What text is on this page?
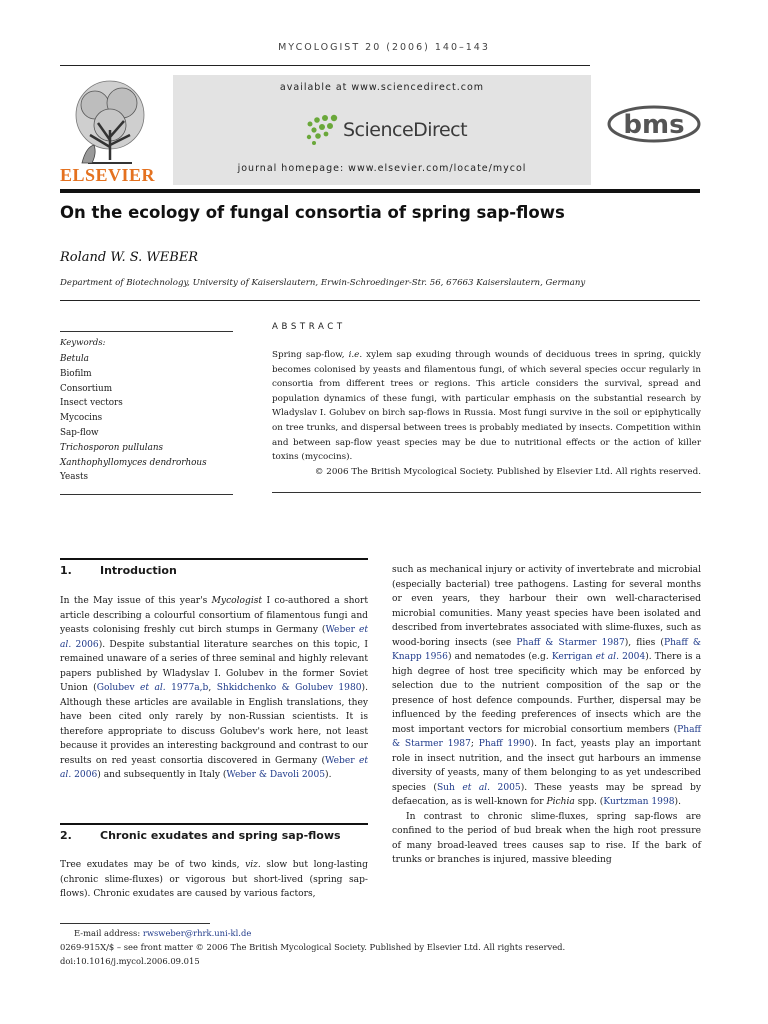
MYCOLOGIST 20 (2006) 140–143
ELSEVIER
available at www.sciencedirect.com
ScienceDirect
journal homepage: www.elsevier.com/locate/mycol
bms
On the ecology of fungal consortia of spring sap-flows
Roland W. S. WEBER
Department of Biotechnology, University of Kaiserslautern, Erwin-Schroedinger-Str. 56, 67663 Kaiserslautern, Germany
Keywords:
Betula
Biofilm
Consortium
Insect vectors
Mycocins
Sap-flow
Trichosporon pullulans
Xanthophyllomyces dendrorhous
Yeasts
ABSTRACT

Spring sap-flow, i.e. xylem sap exuding through wounds of deciduous trees in spring, quickly becomes colonised by yeasts and filamentous fungi, of which several species occur regularly in consortia from different trees or regions. This article considers the survival, spread and population dynamics of these fungi, with particular emphasis on the substantial research by Wladyslav I. Golubev on birch sap-flows in Russia. Most fungi survive in the soil or epiphytically on tree trunks, and dispersal between trees is probably mediated by insects. Competition within and between sap-flow yeast species may be due to nutritional effects or the action of killer toxins (mycocins).
© 2006 The British Mycological Society. Published by Elsevier Ltd. All rights reserved.

1.	Introduction

In the May issue of this year's Mycologist I co-authored a short article describing a colourful consortium of filamentous fungi and yeasts colonising freshly cut birch stumps in Germany (Weber et al. 2006). Despite substantial literature searches on this topic, I remained unaware of a series of three seminal and highly relevant papers published by Wladyslav I. Golubev in the former Soviet Union (Golubev et al. 1977a,b, Shkidchenko & Golubev 1980). Although these articles are available in English translations, they have been cited only rarely by non-Russian scientists. It is therefore appropriate to discuss Golubev's work here, not least because it provides an interesting background and contrast to our results on red yeast consortia discovered in Germany (Weber et al. 2006) and subsequently in Italy (Weber & Davoli 2005).

2.	Chronic exudates and spring sap-flows

Tree exudates may be of two kinds, viz. slow but long-lasting (chronic slime-fluxes) or vigorous but short-lived (spring sap-flows). Chronic exudates are caused by various factors,

such as mechanical injury or activity of invertebrate and microbial (especially bacterial) tree pathogens. Lasting for several months or even years, they harbour their own well-characterised microbial comunities. Many yeast species have been isolated and described from invertebrates associated with slime-fluxes, such as wood-boring insects (see Phaff & Starmer 1987), flies (Phaff & Knapp 1956) and nematodes (e.g. Kerrigan et al. 2004). There is a high degree of host tree specificity which may be enforced by selection due to the nutrient composition of the sap or the presence of host defence compounds. Further, dispersal may be influenced by the feeding preferences of insects which are the most important vectors for microbial consortium members (Phaff & Starmer 1987; Phaff 1990). In fact, yeasts play an important role in insect nutrition, and the insect gut harbours an immense diversity of yeasts, many of them belonging to as yet undescribed species (Suh et al. 2005). These yeasts may be spread by defaecation, as is well-known for Pichia spp. (Kurtzman 1998).
In contrast to chronic slime-fluxes, spring sap-flows are confined to the period of bud break when the high root pressure of many broad-leaved trees causes sap to rise. If the bark of trunks or branches is injured, massive bleeding

E-mail address: rwsweber@rhrk.uni-kl.de
0269-915X/$ – see front matter © 2006 The British Mycological Society. Published by Elsevier Ltd. All rights reserved.
doi:10.1016/j.mycol.2006.09.015
